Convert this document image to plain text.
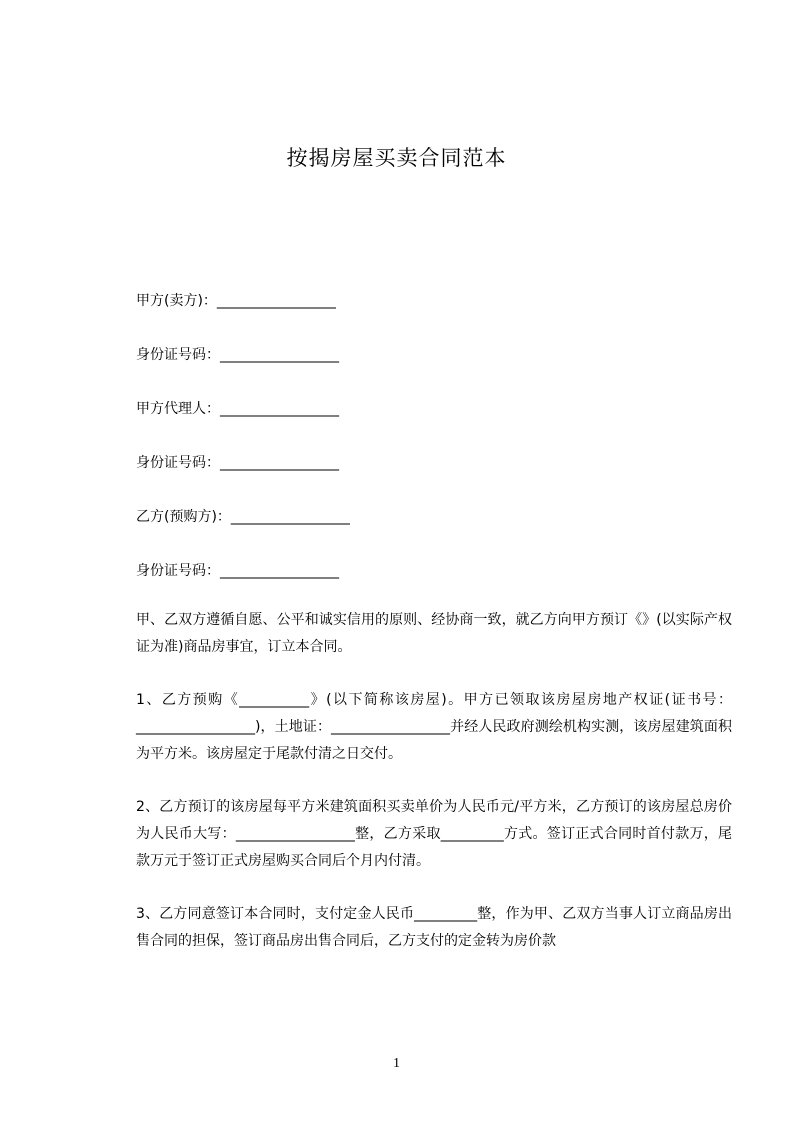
按揭房屋买卖合同范本
甲方(卖方)：_________________
身份证号码：_________________
甲方代理人：_________________
身份证号码：_________________
乙方(预购方)：_________________
身份证号码：_________________
甲、乙双方遵循自愿、公平和诚实信用的原则、经协商一致，就乙方向甲方预订《》(以实际产权证为准)商品房事宜，订立本合同。
1、乙方预购《__________》(以下简称该房屋)。甲方已领取该房屋房地产权证(证书号：_________________)，土地证：_________________并经人民政府测绘机构实测，该房屋建筑面积为平方米。该房屋定于尾款付清之日交付。
2、乙方预订的该房屋每平方米建筑面积买卖单价为人民币元/平方米，乙方预订的该房屋总房价为人民币大写：_________________整，乙方采取_________方式。签订正式合同时首付款万，尾款万元于签订正式房屋购买合同后个月内付清。
3、乙方同意签订本合同时，支付定金人民币_________整，作为甲、乙双方当事人订立商品房出售合同的担保，签订商品房出售合同后，乙方支付的定金转为房价款
1
